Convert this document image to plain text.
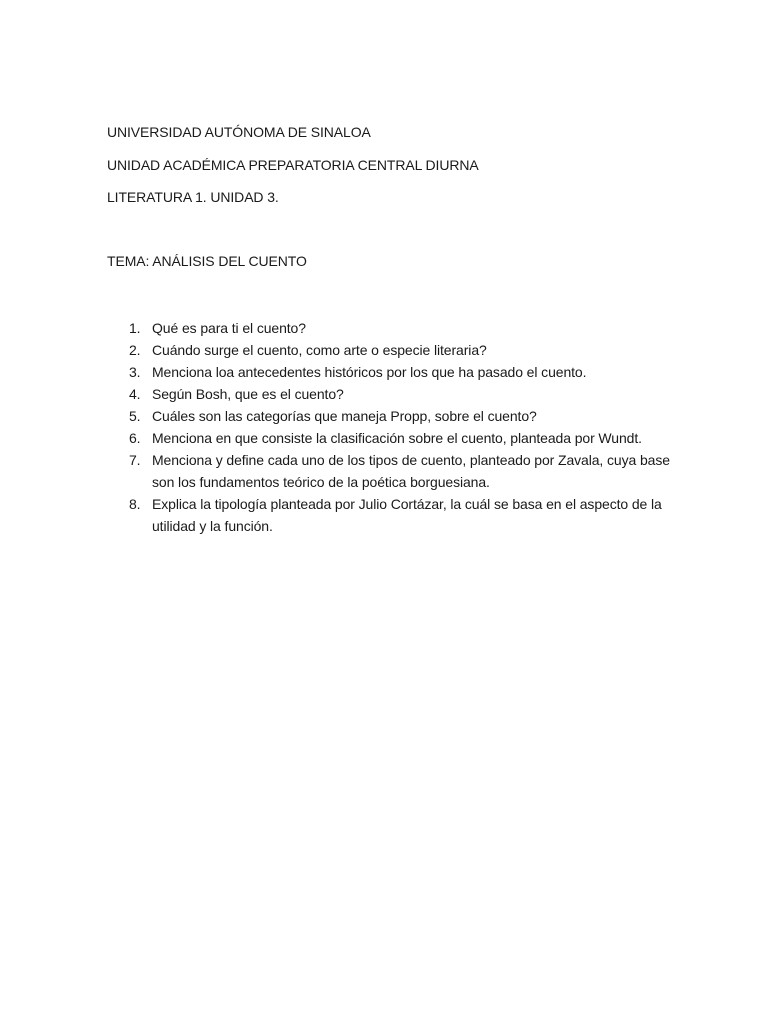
UNIVERSIDAD AUTÓNOMA DE SINALOA
UNIDAD ACADÉMICA PREPARATORIA CENTRAL DIURNA
LITERATURA 1. UNIDAD 3.
TEMA: ANÁLISIS DEL CUENTO
1. Qué es para ti el cuento?
2. Cuándo surge el cuento, como arte o especie literaria?
3. Menciona loa antecedentes históricos por los que ha pasado el cuento.
4. Según Bosh, que es el cuento?
5. Cuáles son las categorías que maneja Propp, sobre el cuento?
6. Menciona en que consiste la clasificación sobre el cuento, planteada por Wundt.
7. Menciona y define cada uno de los tipos de cuento, planteado por Zavala, cuya base son los fundamentos teórico de la poética borguesiana.
8. Explica la tipología planteada por Julio Cortázar, la cuál se basa en el aspecto de la utilidad y la función.
